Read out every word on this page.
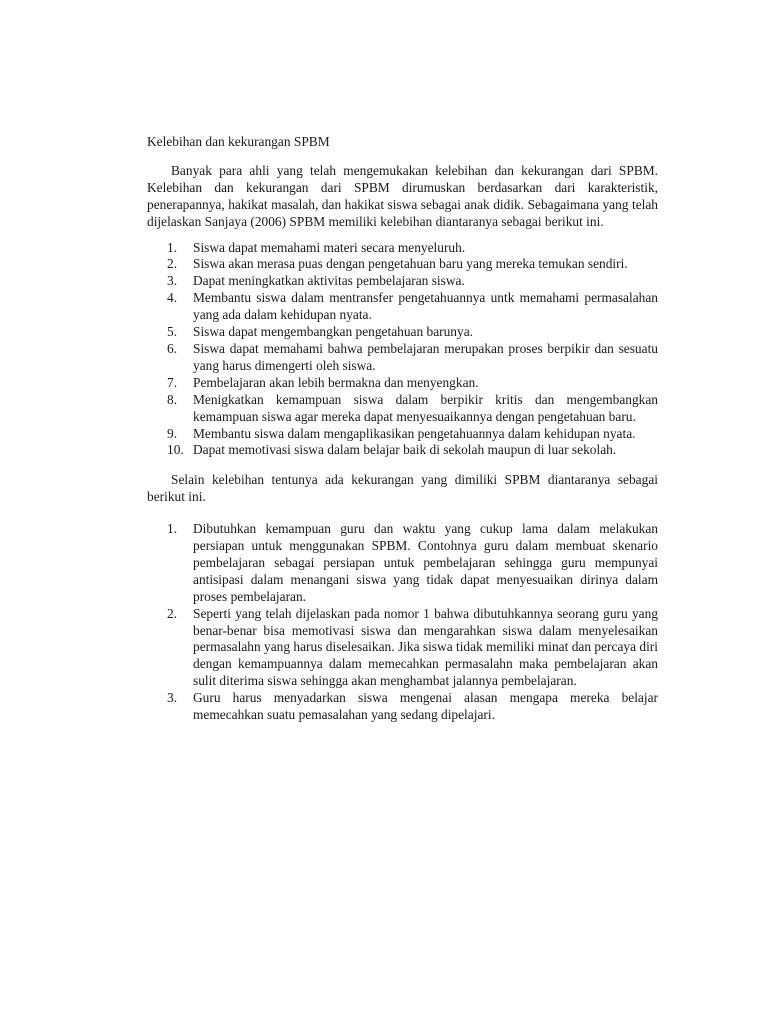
Kelebihan dan kekurangan SPBM

Banyak para ahli yang telah mengemukakan kelebihan dan kekurangan dari SPBM. Kelebihan dan kekurangan dari SPBM dirumuskan berdasarkan dari karakteristik, penerapannya, hakikat masalah, dan hakikat siswa sebagai anak didik. Sebagaimana yang telah dijelaskan Sanjaya (2006) SPBM memiliki kelebihan diantaranya sebagai berikut ini.

1. Siswa dapat memahami materi secara menyeluruh.
2. Siswa akan merasa puas dengan pengetahuan baru yang mereka temukan sendiri.
3. Dapat meningkatkan aktivitas pembelajaran siswa.
4. Membantu siswa dalam mentransfer pengetahuannya untk memahami permasalahan yang ada dalam kehidupan nyata.
5. Siswa dapat mengembangkan pengetahuan barunya.
6. Siswa dapat memahami bahwa pembelajaran merupakan proses berpikir dan sesuatu yang harus dimengerti oleh siswa.
7. Pembelajaran akan lebih bermakna dan menyengkan.
8. Menigkatkan kemampuan siswa dalam berpikir kritis dan mengembangkan kemampuan siswa agar mereka dapat menyesuaikannya dengan pengetahuan baru.
9. Membantu siswa dalam mengaplikasikan pengetahuannya dalam kehidupan nyata.
10. Dapat memotivasi siswa dalam belajar baik di sekolah maupun di luar sekolah.

Selain kelebihan tentunya ada kekurangan yang dimiliki SPBM diantaranya sebagai berikut ini.

1. Dibutuhkan kemampuan guru dan waktu yang cukup lama dalam melakukan persiapan untuk menggunakan SPBM. Contohnya guru dalam membuat skenario pembelajaran sebagai persiapan untuk pembelajaran sehingga guru mempunyai antisipasi dalam menangani siswa yang tidak dapat menyesuaikan dirinya dalam proses pembelajaran.
2. Seperti yang telah dijelaskan pada nomor 1 bahwa dibutuhkannya seorang guru yang benar-benar bisa memotivasi siswa dan mengarahkan siswa dalam menyelesaikan permasalahn yang harus diselesaikan. Jika siswa tidak memiliki minat dan percaya diri dengan kemampuannya dalam memecahkan permasalahn maka pembelajaran akan sulit diterima siswa sehingga akan menghambat jalannya pembelajaran.
3. Guru harus menyadarkan siswa mengenai alasan mengapa mereka belajar memecahkan suatu pemasalahan yang sedang dipelajari.
